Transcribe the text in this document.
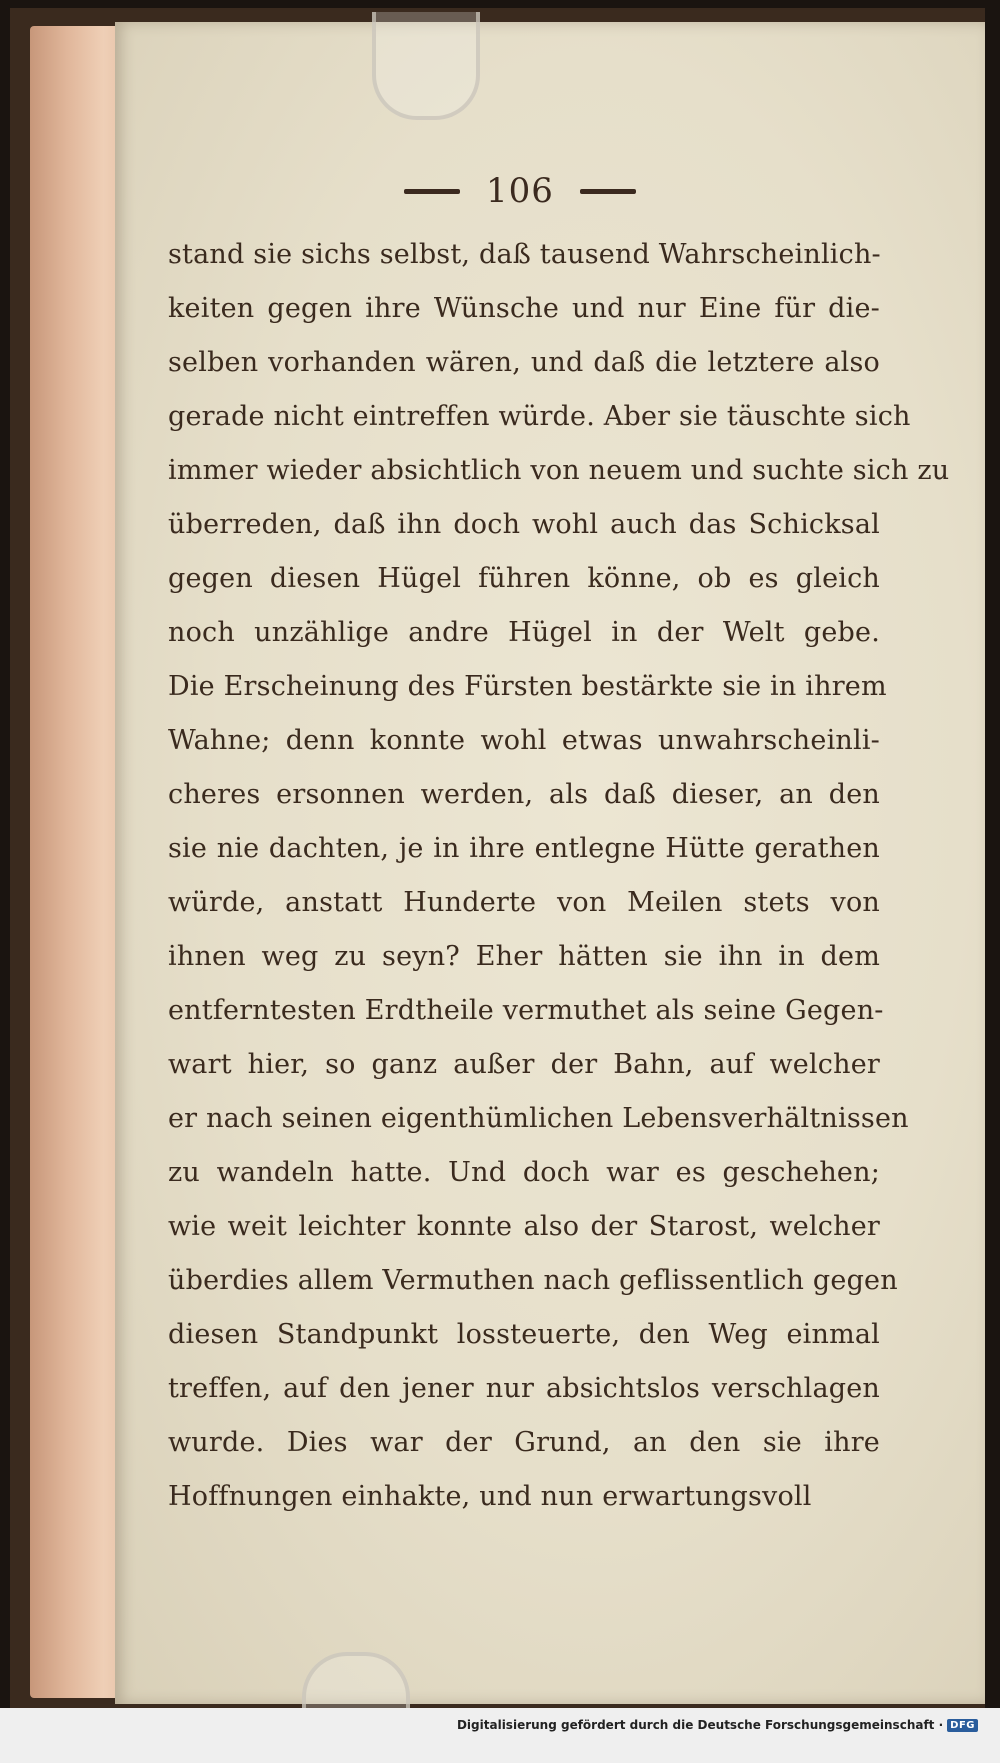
106
stand sie sichs selbst, daß tausend Wahrscheinlich-
keiten gegen ihre Wünsche und nur Eine für die-
selben vorhanden wären, und daß die letztere also
gerade nicht eintreffen würde. Aber sie täuschte sich
immer wieder absichtlich von neuem und suchte sich zu
überreden, daß ihn doch wohl auch das Schicksal
gegen diesen Hügel führen könne, ob es gleich
noch unzählige andre Hügel in der Welt gebe.
Die Erscheinung des Fürsten bestärkte sie in ihrem
Wahne; denn konnte wohl etwas unwahrscheinli-
cheres ersonnen werden, als daß dieser, an den
sie nie dachten, je in ihre entlegne Hütte gerathen
würde, anstatt Hunderte von Meilen stets von
ihnen weg zu seyn? Eher hätten sie ihn in dem
entferntesten Erdtheile vermuthet als seine Gegen-
wart hier, so ganz außer der Bahn, auf welcher
er nach seinen eigenthümlichen Lebensverhältnissen
zu wandeln hatte. Und doch war es geschehen;
wie weit leichter konnte also der Starost, welcher
überdies allem Vermuthen nach geflissentlich gegen
diesen Standpunkt lossteuerte, den Weg einmal
treffen, auf den jener nur absichtslos verschlagen
wurde. Dies war der Grund, an den sie ihre
Hoffnungen einhakte, und nun erwartungsvoll
Digitalisierung gefördert durch die Deutsche Forschungsgemeinschaft · DFG
